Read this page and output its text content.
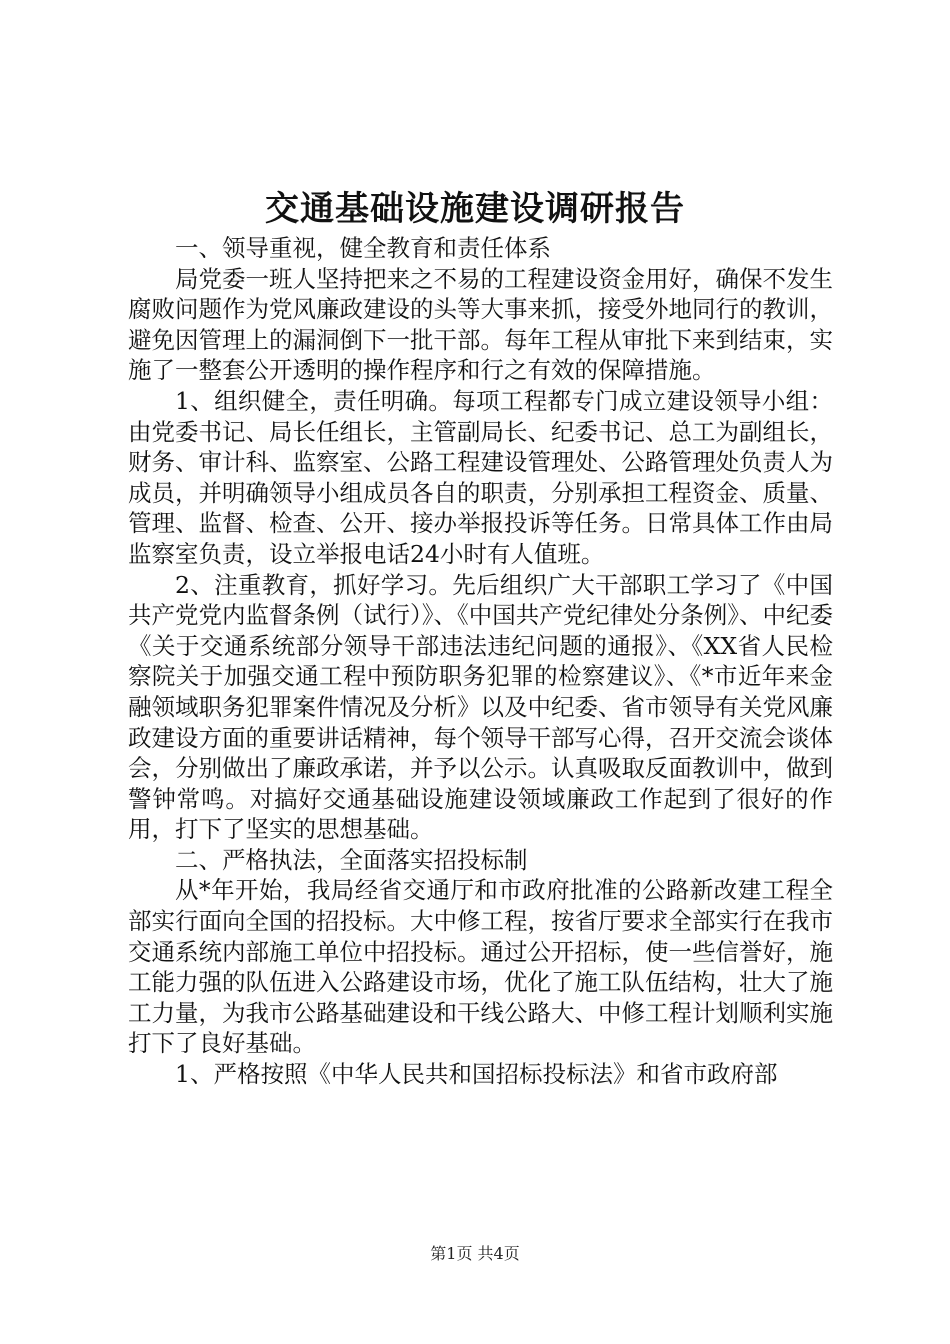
交通基础设施建设调研报告

一、领导重视，健全教育和责任体系

局党委一班人坚持把来之不易的工程建设资金用好，确保不发生腐败问题作为党风廉政建设的头等大事来抓，接受外地同行的教训，避免因管理上的漏洞倒下一批干部。每年工程从审批下来到结束，实施了一整套公开透明的操作程序和行之有效的保障措施。

1、组织健全，责任明确。每项工程都专门成立建设领导小组：由党委书记、局长任组长，主管副局长、纪委书记、总工为副组长，财务、审计科、监察室、公路工程建设管理处、公路管理处负责人为成员，并明确领导小组成员各自的职责，分别承担工程资金、质量、管理、监督、检查、公开、接办举报投诉等任务。日常具体工作由局监察室负责，设立举报电话24小时有人值班。

2、注重教育，抓好学习。先后组织广大干部职工学习了《中国共产党党内监督条例（试行）》、《中国共产党纪律处分条例》、中纪委《关于交通系统部分领导干部违法违纪问题的通报》、《XX省人民检察院关于加强交通工程中预防职务犯罪的检察建议》、《*市近年来金融领域职务犯罪案件情况及分析》以及中纪委、省市领导有关党风廉政建设方面的重要讲话精神，每个领导干部写心得，召开交流会谈体会，分别做出了廉政承诺，并予以公示。认真吸取反面教训中，做到警钟常鸣。对搞好交通基础设施建设领域廉政工作起到了很好的作用，打下了坚实的思想基础。

二、严格执法，全面落实招投标制

从*年开始，我局经省交通厅和市政府批准的公路新改建工程全部实行面向全国的招投标。大中修工程，按省厅要求全部实行在我市交通系统内部施工单位中招投标。通过公开招标，使一些信誉好，施工能力强的队伍进入公路建设市场，优化了施工队伍结构，壮大了施工力量，为我市公路基础建设和干线公路大、中修工程计划顺利实施打下了良好基础。

1、严格按照《中华人民共和国招标投标法》和省市政府部

第1页 共4页
